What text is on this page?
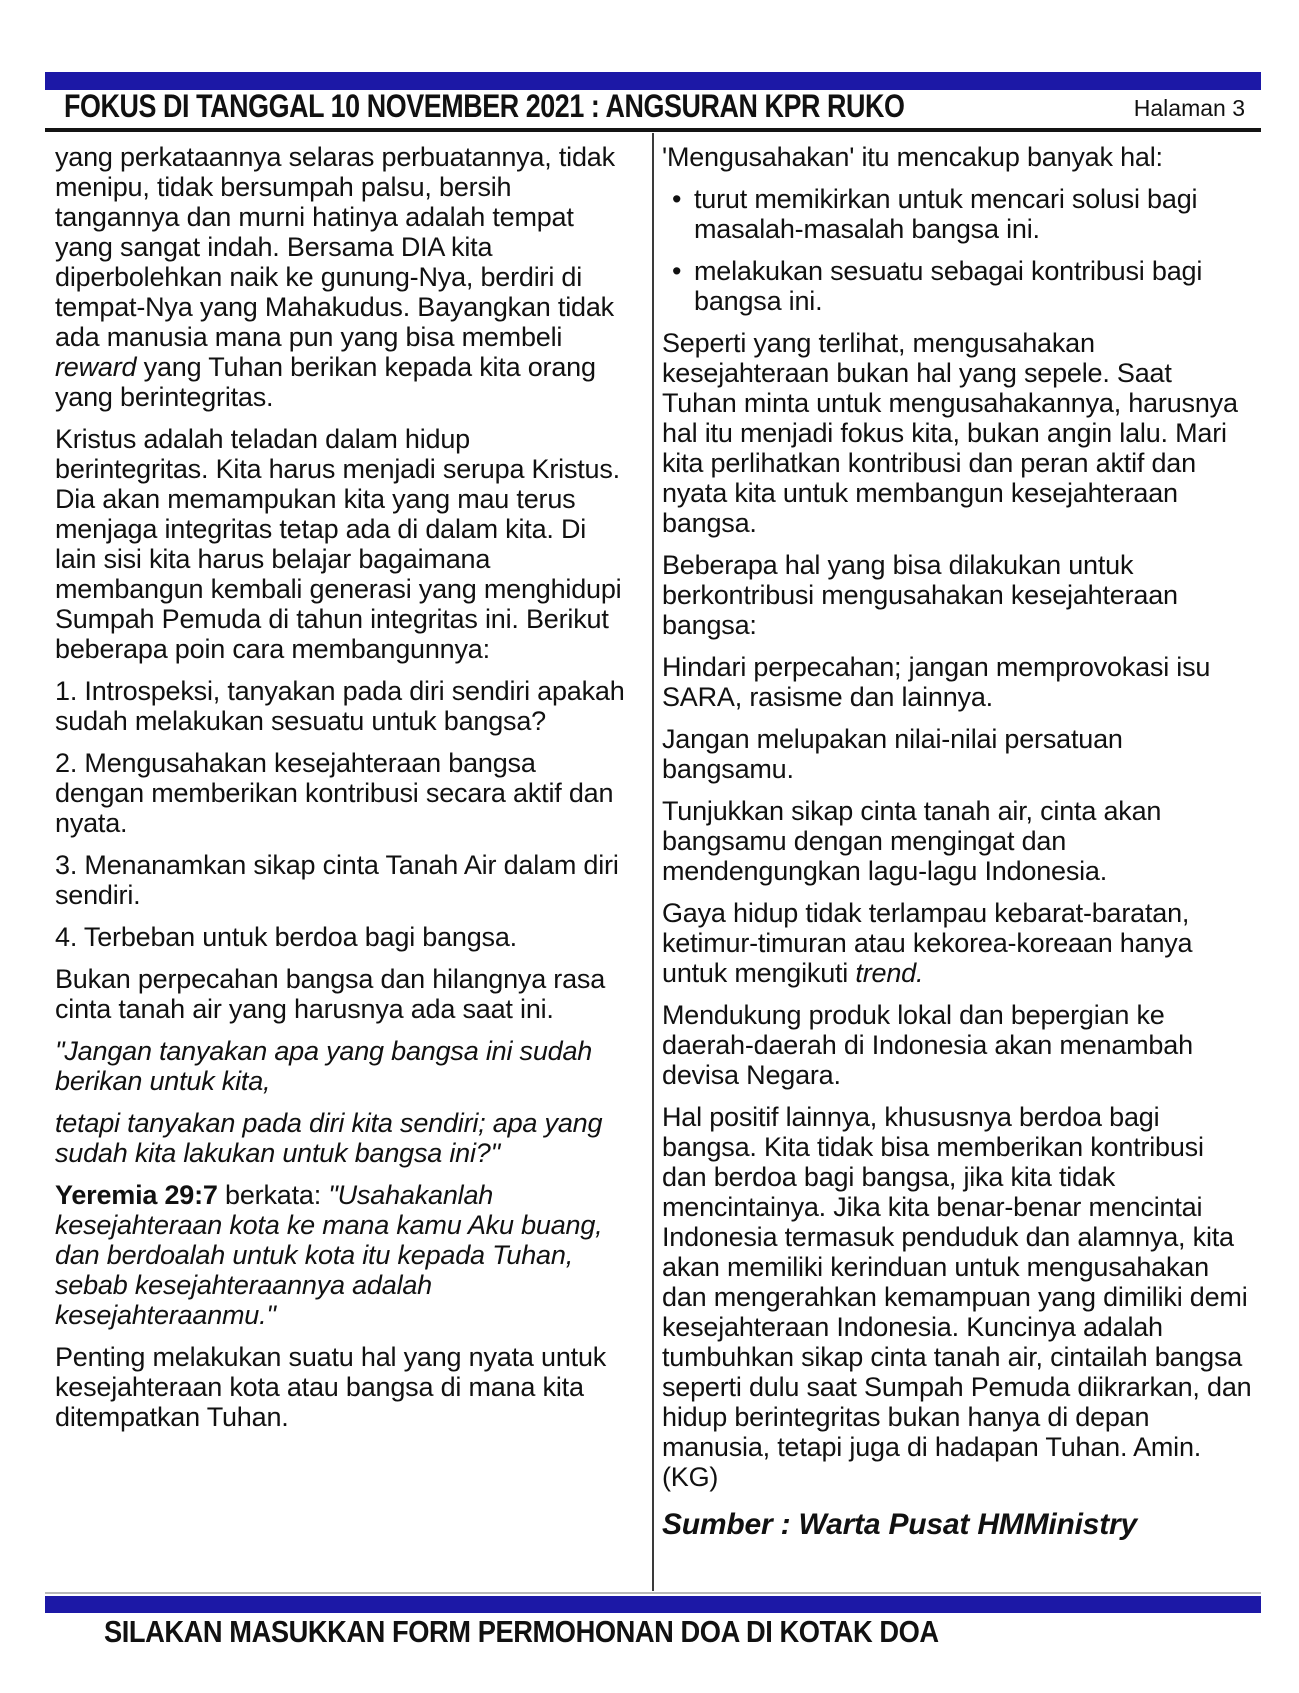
FOKUS DI TANGGAL 10 NOVEMBER 2021 : ANGSURAN KPR RUKO	Halaman 3

yang perkataannya selaras perbuatannya, tidak menipu, tidak bersumpah palsu, bersih tangannya dan murni hatinya adalah tempat yang sangat indah. Bersama DIA kita diperbolehkan naik ke gunung-Nya, berdiri di tempat-Nya yang Mahakudus. Bayangkan tidak ada manusia mana pun yang bisa membeli reward yang Tuhan berikan kepada kita orang yang berintegritas.

Kristus adalah teladan dalam hidup berintegritas. Kita harus menjadi serupa Kristus. Dia akan memampukan kita yang mau terus menjaga integritas tetap ada di dalam kita. Di lain sisi kita harus belajar bagaimana membangun kembali generasi yang menghidupi Sumpah Pemuda di tahun integritas ini. Berikut beberapa poin cara membangunnya:

1. Introspeksi, tanyakan pada diri sendiri apakah sudah melakukan sesuatu untuk bangsa?

2. Mengusahakan kesejahteraan bangsa dengan memberikan kontribusi secara aktif dan nyata.

3. Menanamkan sikap cinta Tanah Air dalam diri sendiri.

4. Terbeban untuk berdoa bagi bangsa.

Bukan perpecahan bangsa dan hilangnya rasa cinta tanah air yang harusnya ada saat ini.

"Jangan tanyakan apa yang bangsa ini sudah berikan untuk kita,

tetapi tanyakan pada diri kita sendiri; apa yang sudah kita lakukan untuk bangsa ini?"

Yeremia 29:7 berkata: "Usahakanlah kesejahteraan kota ke mana kamu Aku buang, dan berdoalah untuk kota itu kepada Tuhan, sebab kesejahteraannya adalah kesejahteraanmu."

Penting melakukan suatu hal yang nyata untuk kesejahteraan kota atau bangsa di mana kita ditempatkan Tuhan.

'Mengusahakan' itu mencakup banyak hal:

• turut memikirkan untuk mencari solusi bagi masalah-masalah bangsa ini.
• melakukan sesuatu sebagai kontribusi bagi bangsa ini.

Seperti yang terlihat, mengusahakan kesejahteraan bukan hal yang sepele. Saat Tuhan minta untuk mengusahakannya, harusnya hal itu menjadi fokus kita, bukan angin lalu. Mari kita perlihatkan kontribusi dan peran aktif dan nyata kita untuk membangun kesejahteraan bangsa.

Beberapa hal yang bisa dilakukan untuk berkontribusi mengusahakan kesejahteraan bangsa:

Hindari perpecahan; jangan memprovokasi isu SARA, rasisme dan lainnya.

Jangan melupakan nilai-nilai persatuan bangsamu.

Tunjukkan sikap cinta tanah air, cinta akan bangsamu dengan mengingat dan mendengungkan lagu-lagu Indonesia.

Gaya hidup tidak terlampau kebarat-baratan, ketimur-timuran atau kekorea-koreaan hanya untuk mengikuti trend.

Mendukung produk lokal dan bepergian ke daerah-daerah di Indonesia akan menambah devisa Negara.

Hal positif lainnya, khususnya berdoa bagi bangsa. Kita tidak bisa memberikan kontribusi dan berdoa bagi bangsa, jika kita tidak mencintainya. Jika kita benar-benar mencintai Indonesia termasuk penduduk dan alamnya, kita akan memiliki kerinduan untuk mengusahakan dan mengerahkan kemampuan yang dimiliki demi kesejahteraan Indonesia. Kuncinya adalah tumbuhkan sikap cinta tanah air, cintailah bangsa seperti dulu saat Sumpah Pemuda diikrarkan, dan hidup berintegritas bukan hanya di depan manusia, tetapi juga di hadapan Tuhan. Amin. (KG)

Sumber : Warta Pusat HMMinistry

SILAKAN MASUKKAN FORM PERMOHONAN DOA DI KOTAK DOA
